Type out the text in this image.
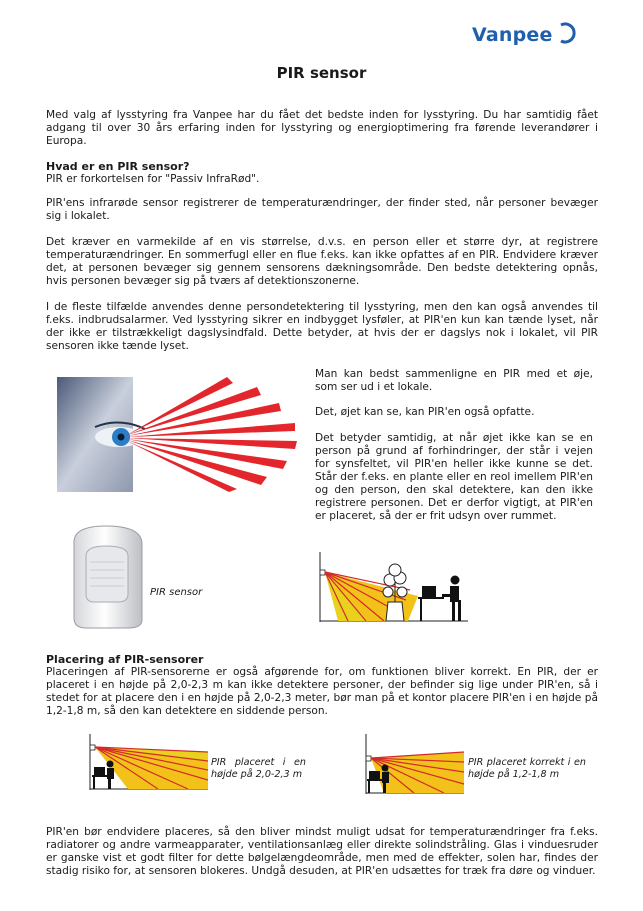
Vanpee
PIR sensor

Med valg af lysstyring fra Vanpee har du fået det bedste inden for lysstyring. Du har samtidig fået adgang til over 30 års erfaring inden for lysstyring og energioptimering fra førende leverandører i Europa.

Hvad er en PIR sensor?

PIR er forkortelsen for "Passiv InfraRød".

PIR'ens infrarøde sensor registrerer de temperaturændringer, der finder sted, når personer bevæger sig i lokalet.

Det kræver en varmekilde af en vis størrelse, d.v.s. en person eller et større dyr, at registrere temperaturændringer. En sommerfugl eller en flue f.eks. kan ikke opfattes af en PIR. Endvidere kræver det, at personen bevæger sig gennem sensorens dækningsområde. Den bedste detektering opnås, hvis personen bevæger sig på tværs af detektionszonerne.

I de fleste tilfælde anvendes denne persondetektering til lysstyring, men den kan også anvendes til f.eks. indbrudsalarmer. Ved lysstyring sikrer en indbygget lysføler, at PIR'en kun kan tænde lyset, når der ikke er tilstrækkeligt dagslysindfald. Dette betyder, at hvis der er dagslys nok i lokalet, vil PIR sensoren ikke tænde lyset.

Man kan bedst sammenligne en PIR med et øje, som ser ud i et lokale.

Det, øjet kan se, kan PIR'en også opfatte.

Det betyder samtidig, at når øjet ikke kan se en person på grund af forhindringer, der står i vejen for synsfeltet, vil PIR'en heller ikke kunne se det. Står der f.eks. en plante eller en reol imellem PIR'en og den person, den skal detektere, kan den ikke registrere personen. Det er derfor vigtigt, at PIR'en er placeret, så der er frit udsyn over rummet.

PIR sensor

Placering af PIR-sensorer

Placeringen af PIR-sensorerne er også afgørende for, om funktionen bliver korrekt. En PIR, der er placeret i en højde på 2,0-2,3 m kan ikke detektere personer, der befinder sig lige under PIR'en, så i stedet for at placere den i en højde på 2,0-2,3 meter, bør man på et kontor placere PIR'en i en højde på 1,2-1,8 m, så den kan detektere en siddende person.

PIR placeret i en højde på 2,0-2,3 m
PIR placeret korrekt i en højde på 1,2-1,8 m

PIR'en bør endvidere placeres, så den bliver mindst muligt udsat for temperaturændringer fra f.eks. radiatorer og andre varmeapparater, ventilationsanlæg eller direkte solindstråling. Glas i vinduesruder er ganske vist et godt filter for dette bølgelængdeområde, men med de effekter, solen har, findes der stadig risiko for, at sensoren blokeres. Undgå desuden, at PIR'en udsættes for træk fra døre og vinduer.
